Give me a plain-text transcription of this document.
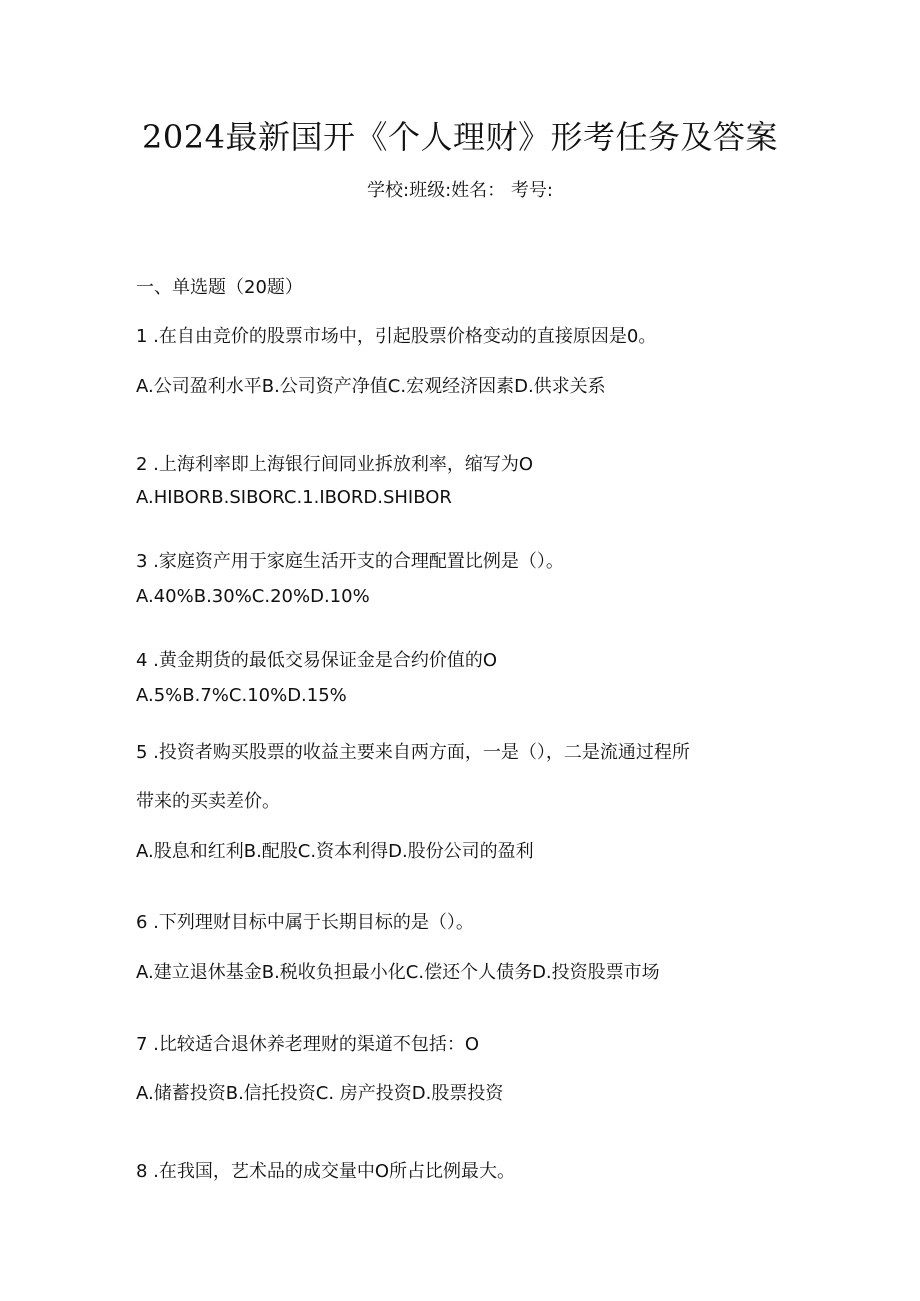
2024最新国开《个人理财》形考任务及答案
学校:班级:姓名： 考号:
一、单选题（20题）
1 .在自由竞价的股票市场中，引起股票价格变动的直接原因是0。
A.公司盈利水平B.公司资产净值C.宏观经济因素D.供求关系
2 .上海利率即上海银行间同业拆放利率，缩写为O
A.HIBORB.SIBORC.1.IBORD.SHIBOR
3 .家庭资产用于家庭生活开支的合理配置比例是（）。
A.40%B.30%C.20%D.10%
4 .黄金期货的最低交易保证金是合约价值的O
A.5%B.7%C.10%D.15%
5 .投资者购买股票的收益主要来自两方面，一是（），二是流通过程所
带来的买卖差价。
A.股息和红利B.配股C.资本利得D.股份公司的盈利
6 .下列理财目标中属于长期目标的是（）。
A.建立退休基金B.税收负担最小化C.偿还个人债务D.投资股票市场
7 .比较适合退休养老理财的渠道不包括：O
A.储蓄投资B.信托投资C. 房产投资D.股票投资
8 .在我国，艺术品的成交量中O所占比例最大。
